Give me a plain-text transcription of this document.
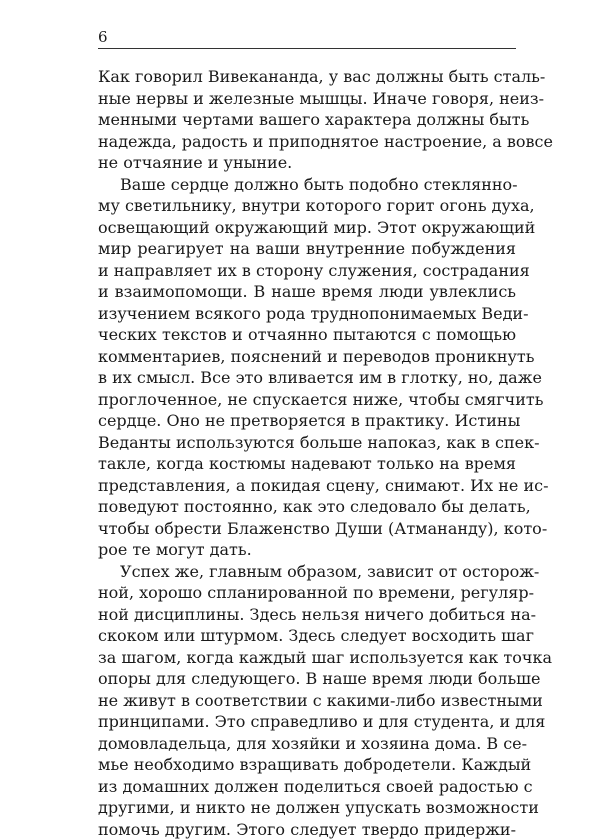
6
Как говорил Вивекананда, у вас должны быть сталь-
ные нервы и железные мышцы. Иначе говоря, неиз-
менными чертами вашего характера должны быть
надежда, радость и приподнятое настроение, а вовсе
не отчаяние и уныние.
Ваше сердце должно быть подобно стеклянно-
му светильнику, внутри которого горит огонь духа,
освещающий окружающий мир. Этот окружающий
мир реагирует на ваши внутренние побуждения
и направляет их в сторону служения, сострадания
и взаимопомощи. В наше время люди увлеклись
изучением всякого рода труднопонимаемых Веди-
ческих текстов и отчаянно пытаются с помощью
комментариев, пояснений и переводов проникнуть
в их смысл. Все это вливается им в глотку, но, даже
проглоченное, не спускается ниже, чтобы смягчить
сердце. Оно не претворяется в практику. Истины
Веданты используются больше напоказ, как в спек-
такле, когда костюмы надевают только на время
представления, а покидая сцену, снимают. Их не ис-
поведуют постоянно, как это следовало бы делать,
чтобы обрести Блаженство Души (Атмананду), кото-
рое те могут дать.
Успех же, главным образом, зависит от осторож-
ной, хорошо спланированной по времени, регуляр-
ной дисциплины. Здесь нельзя ничего добиться на-
скоком или штурмом. Здесь следует восходить шаг
за шагом, когда каждый шаг используется как точка
опоры для следующего. В наше время люди больше
не живут в соответствии с какими-либо известными
принципами. Это справедливо и для студента, и для
домовладельца, для хозяйки и хозяина дома. В се-
мье необходимо взращивать добродетели. Каждый
из домашних должен поделиться своей радостью с
другими, и никто не должен упускать возможности
помочь другим. Этого следует твердо придержи-
